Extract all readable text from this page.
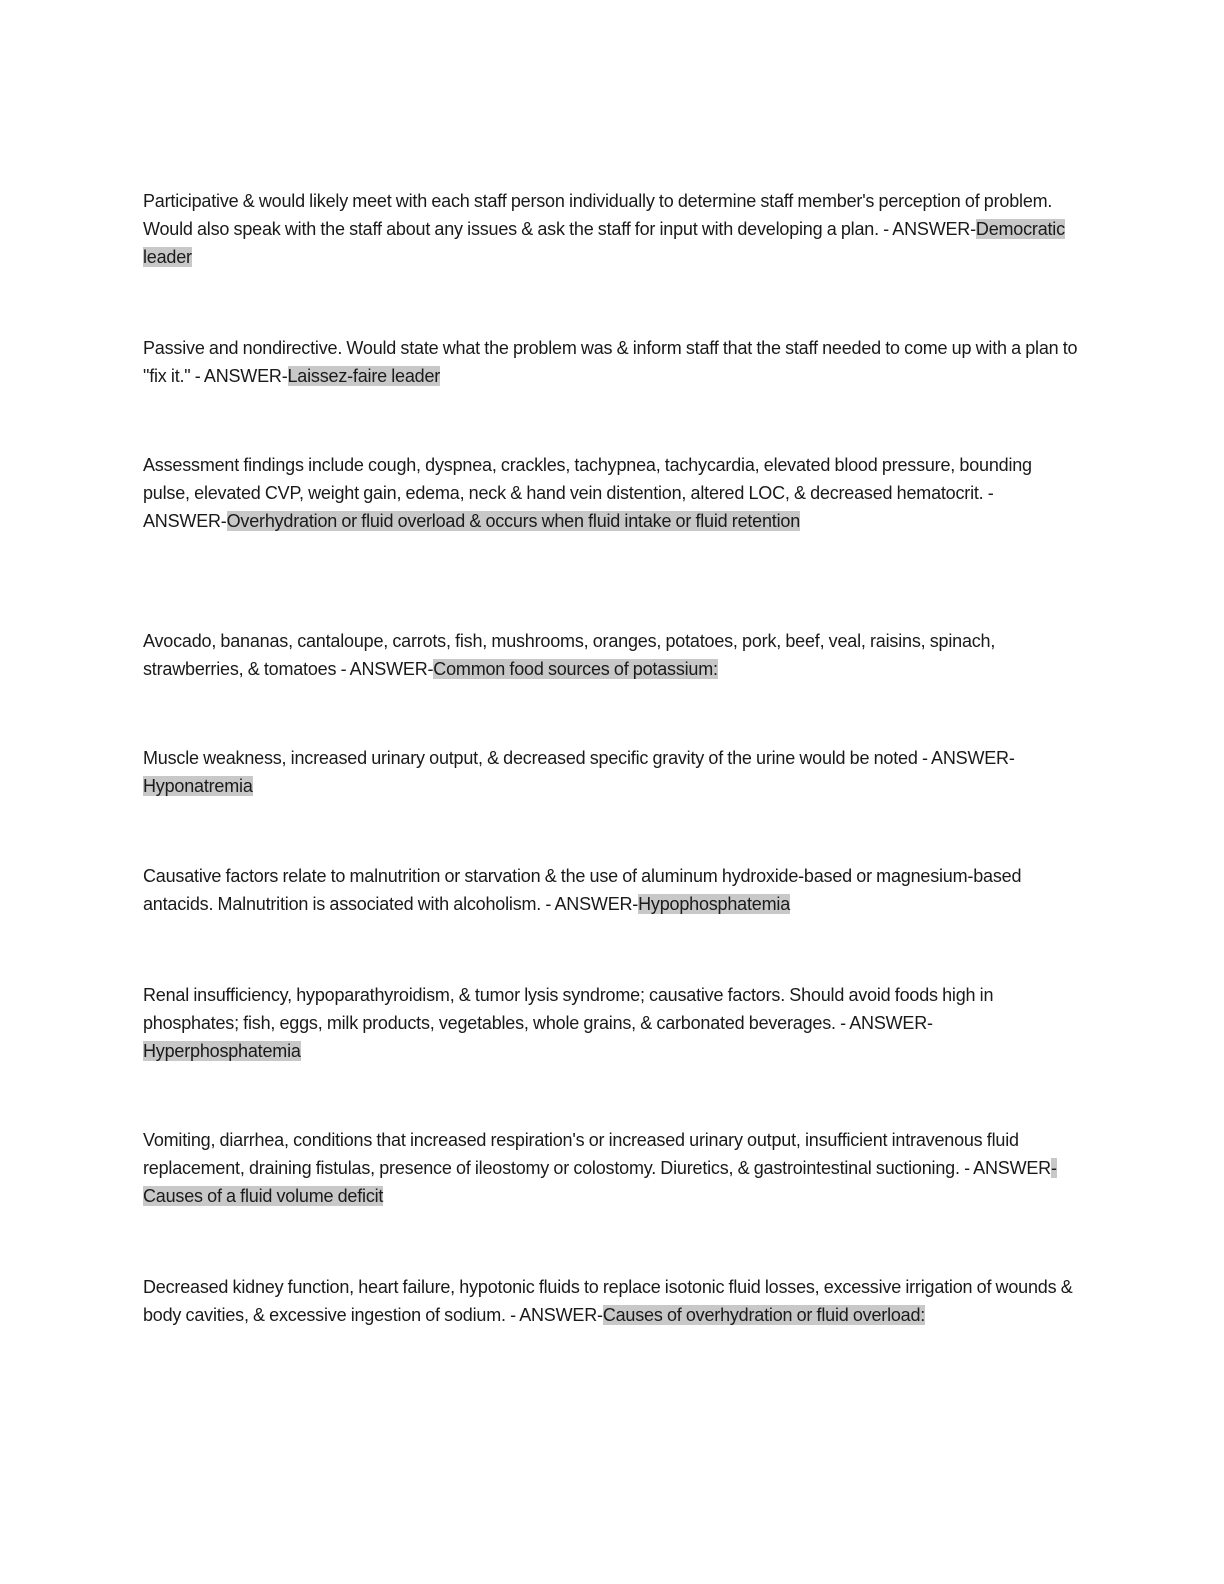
Participative & would likely meet with each staff person individually to determine staff member's perception of problem. Would also speak with the staff about any issues & ask the staff for input with developing a plan. - ANSWER-Democratic leader

Passive and nondirective. Would state what the problem was & inform staff that the staff needed to come up with a plan to "fix it." - ANSWER-Laissez-faire leader

Assessment findings include cough, dyspnea, crackles, tachypnea, tachycardia, elevated blood pressure, bounding pulse, elevated CVP, weight gain, edema, neck & hand vein distention, altered LOC, & decreased hematocrit. - ANSWER-Overhydration or fluid overload & occurs when fluid intake or fluid retention

Avocado, bananas, cantaloupe, carrots, fish, mushrooms, oranges, potatoes, pork, beef, veal, raisins, spinach, strawberries, & tomatoes - ANSWER-Common food sources of potassium:

Muscle weakness, increased urinary output, & decreased specific gravity of the urine would be noted - ANSWER-Hyponatremia

Causative factors relate to malnutrition or starvation & the use of aluminum hydroxide-based or magnesium-based antacids. Malnutrition is associated with alcoholism. - ANSWER-Hypophosphatemia

Renal insufficiency, hypoparathyroidism, & tumor lysis syndrome; causative factors. Should avoid foods high in phosphates; fish, eggs, milk products, vegetables, whole grains, & carbonated beverages. - ANSWER-Hyperphosphatemia

Vomiting, diarrhea, conditions that increased respiration's or increased urinary output, insufficient intravenous fluid replacement, draining fistulas, presence of ileostomy or colostomy. Diuretics, & gastrointestinal suctioning. - ANSWER-Causes of a fluid volume deficit

Decreased kidney function, heart failure, hypotonic fluids to replace isotonic fluid losses, excessive irrigation of wounds & body cavities, & excessive ingestion of sodium. - ANSWER-Causes of overhydration or fluid overload:
